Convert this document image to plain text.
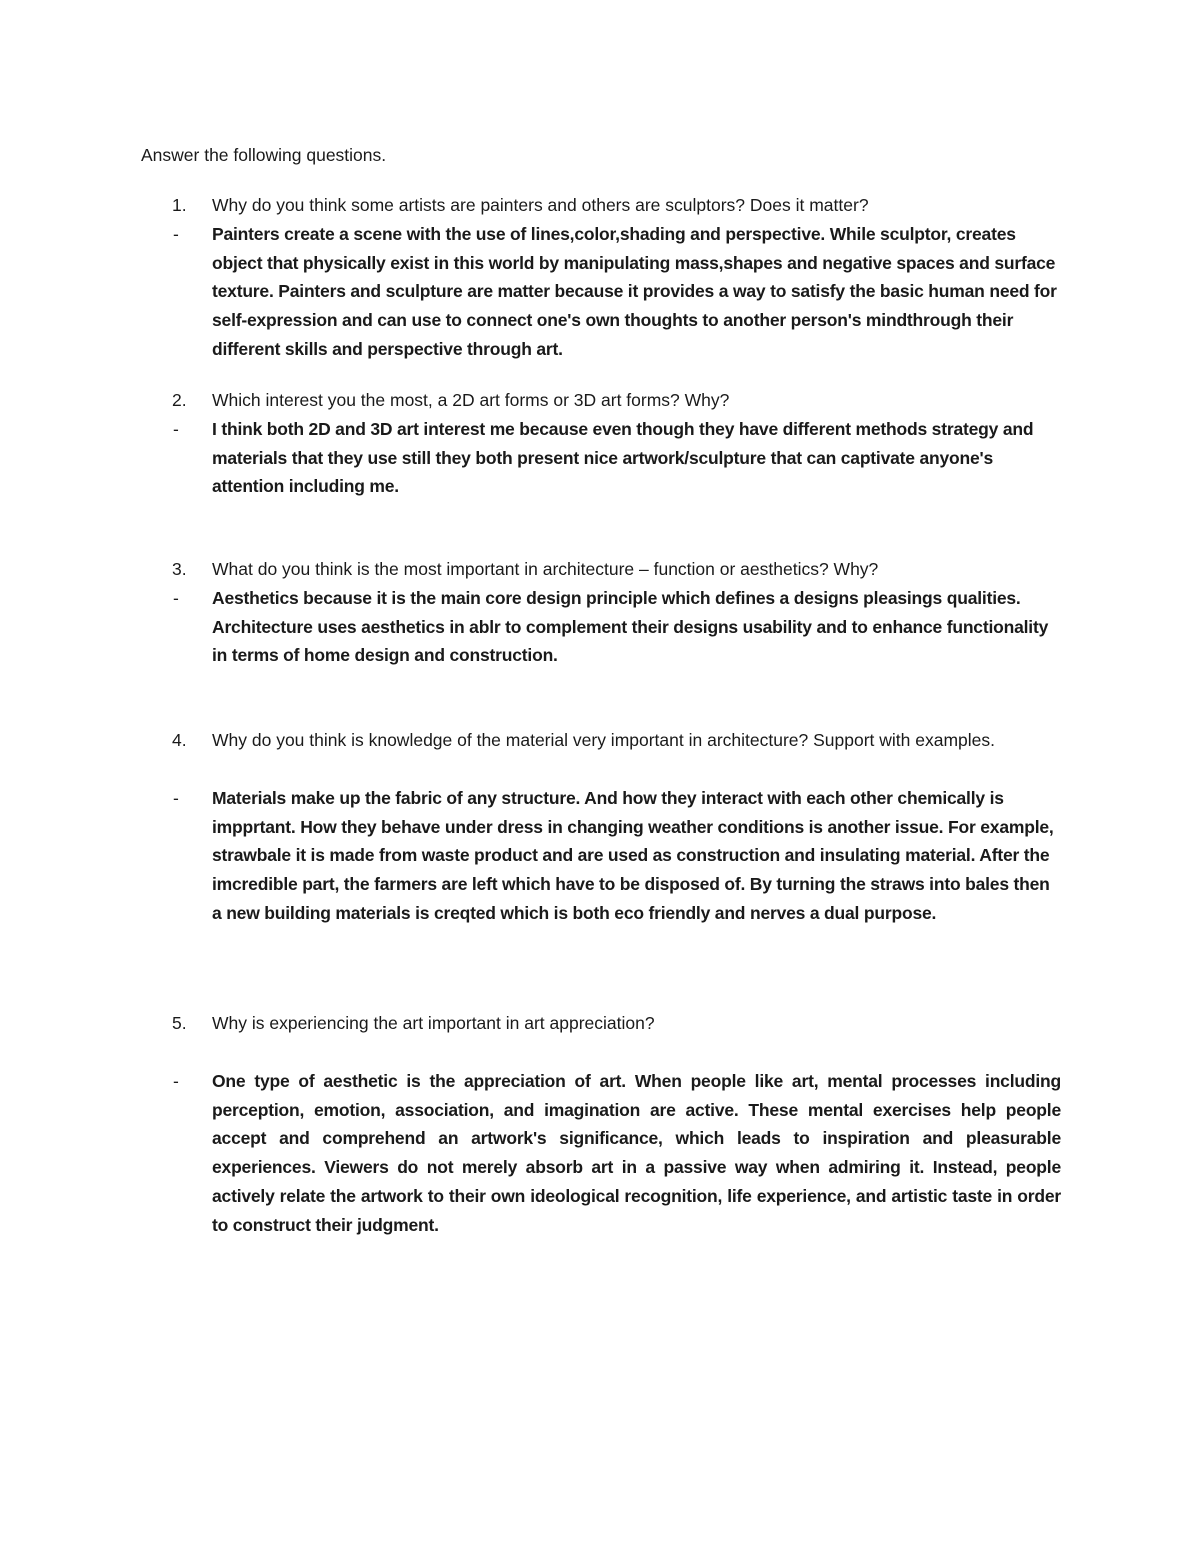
Answer the following questions.

1. Why do you think some artists are painters and others are sculptors? Does it matter?
- Painters create a scene with the use of lines,color,shading and perspective. While sculptor, creates object that physically exist in this world by manipulating mass,shapes and negative spaces and surface texture. Painters and sculpture are matter because it provides a way to satisfy the basic human need for self-expression and can use to connect one's own thoughts to another person's mindthrough their different skills and perspective through art.
2. Which interest you the most, a 2D art forms or 3D art forms? Why?
- I think both 2D and 3D art interest me because even though they have different methods strategy and materials that they use still they both present nice artwork/sculpture that can captivate anyone's attention including me.
3. What do you think is the most important in architecture – function or aesthetics? Why?
- Aesthetics because it is the main core design principle which defines a designs pleasings qualities. Architecture uses aesthetics in ablr to complement their designs usability and to enhance functionality in terms of home design and construction.
4. Why do you think is knowledge of the material very important in architecture? Support with examples.
- Materials make up the fabric of any structure. And how they interact with each other chemically is impprtant. How they behave under dress in changing weather conditions is another issue. For example, strawbale it is made from waste product and are used as construction and insulating material. After the imcredible part, the farmers are left which have to be disposed of. By turning the straws into bales then a new building materials is creqted which is both eco friendly and nerves a dual purpose.
5. Why is experiencing the art important in art appreciation?
- One type of aesthetic is the appreciation of art. When people like art, mental processes including perception, emotion, association, and imagination are active. These mental exercises help people accept and comprehend an artwork's significance, which leads to inspiration and pleasurable experiences. Viewers do not merely absorb art in a passive way when admiring it. Instead, people actively relate the artwork to their own ideological recognition, life experience, and artistic taste in order to construct their judgment.
